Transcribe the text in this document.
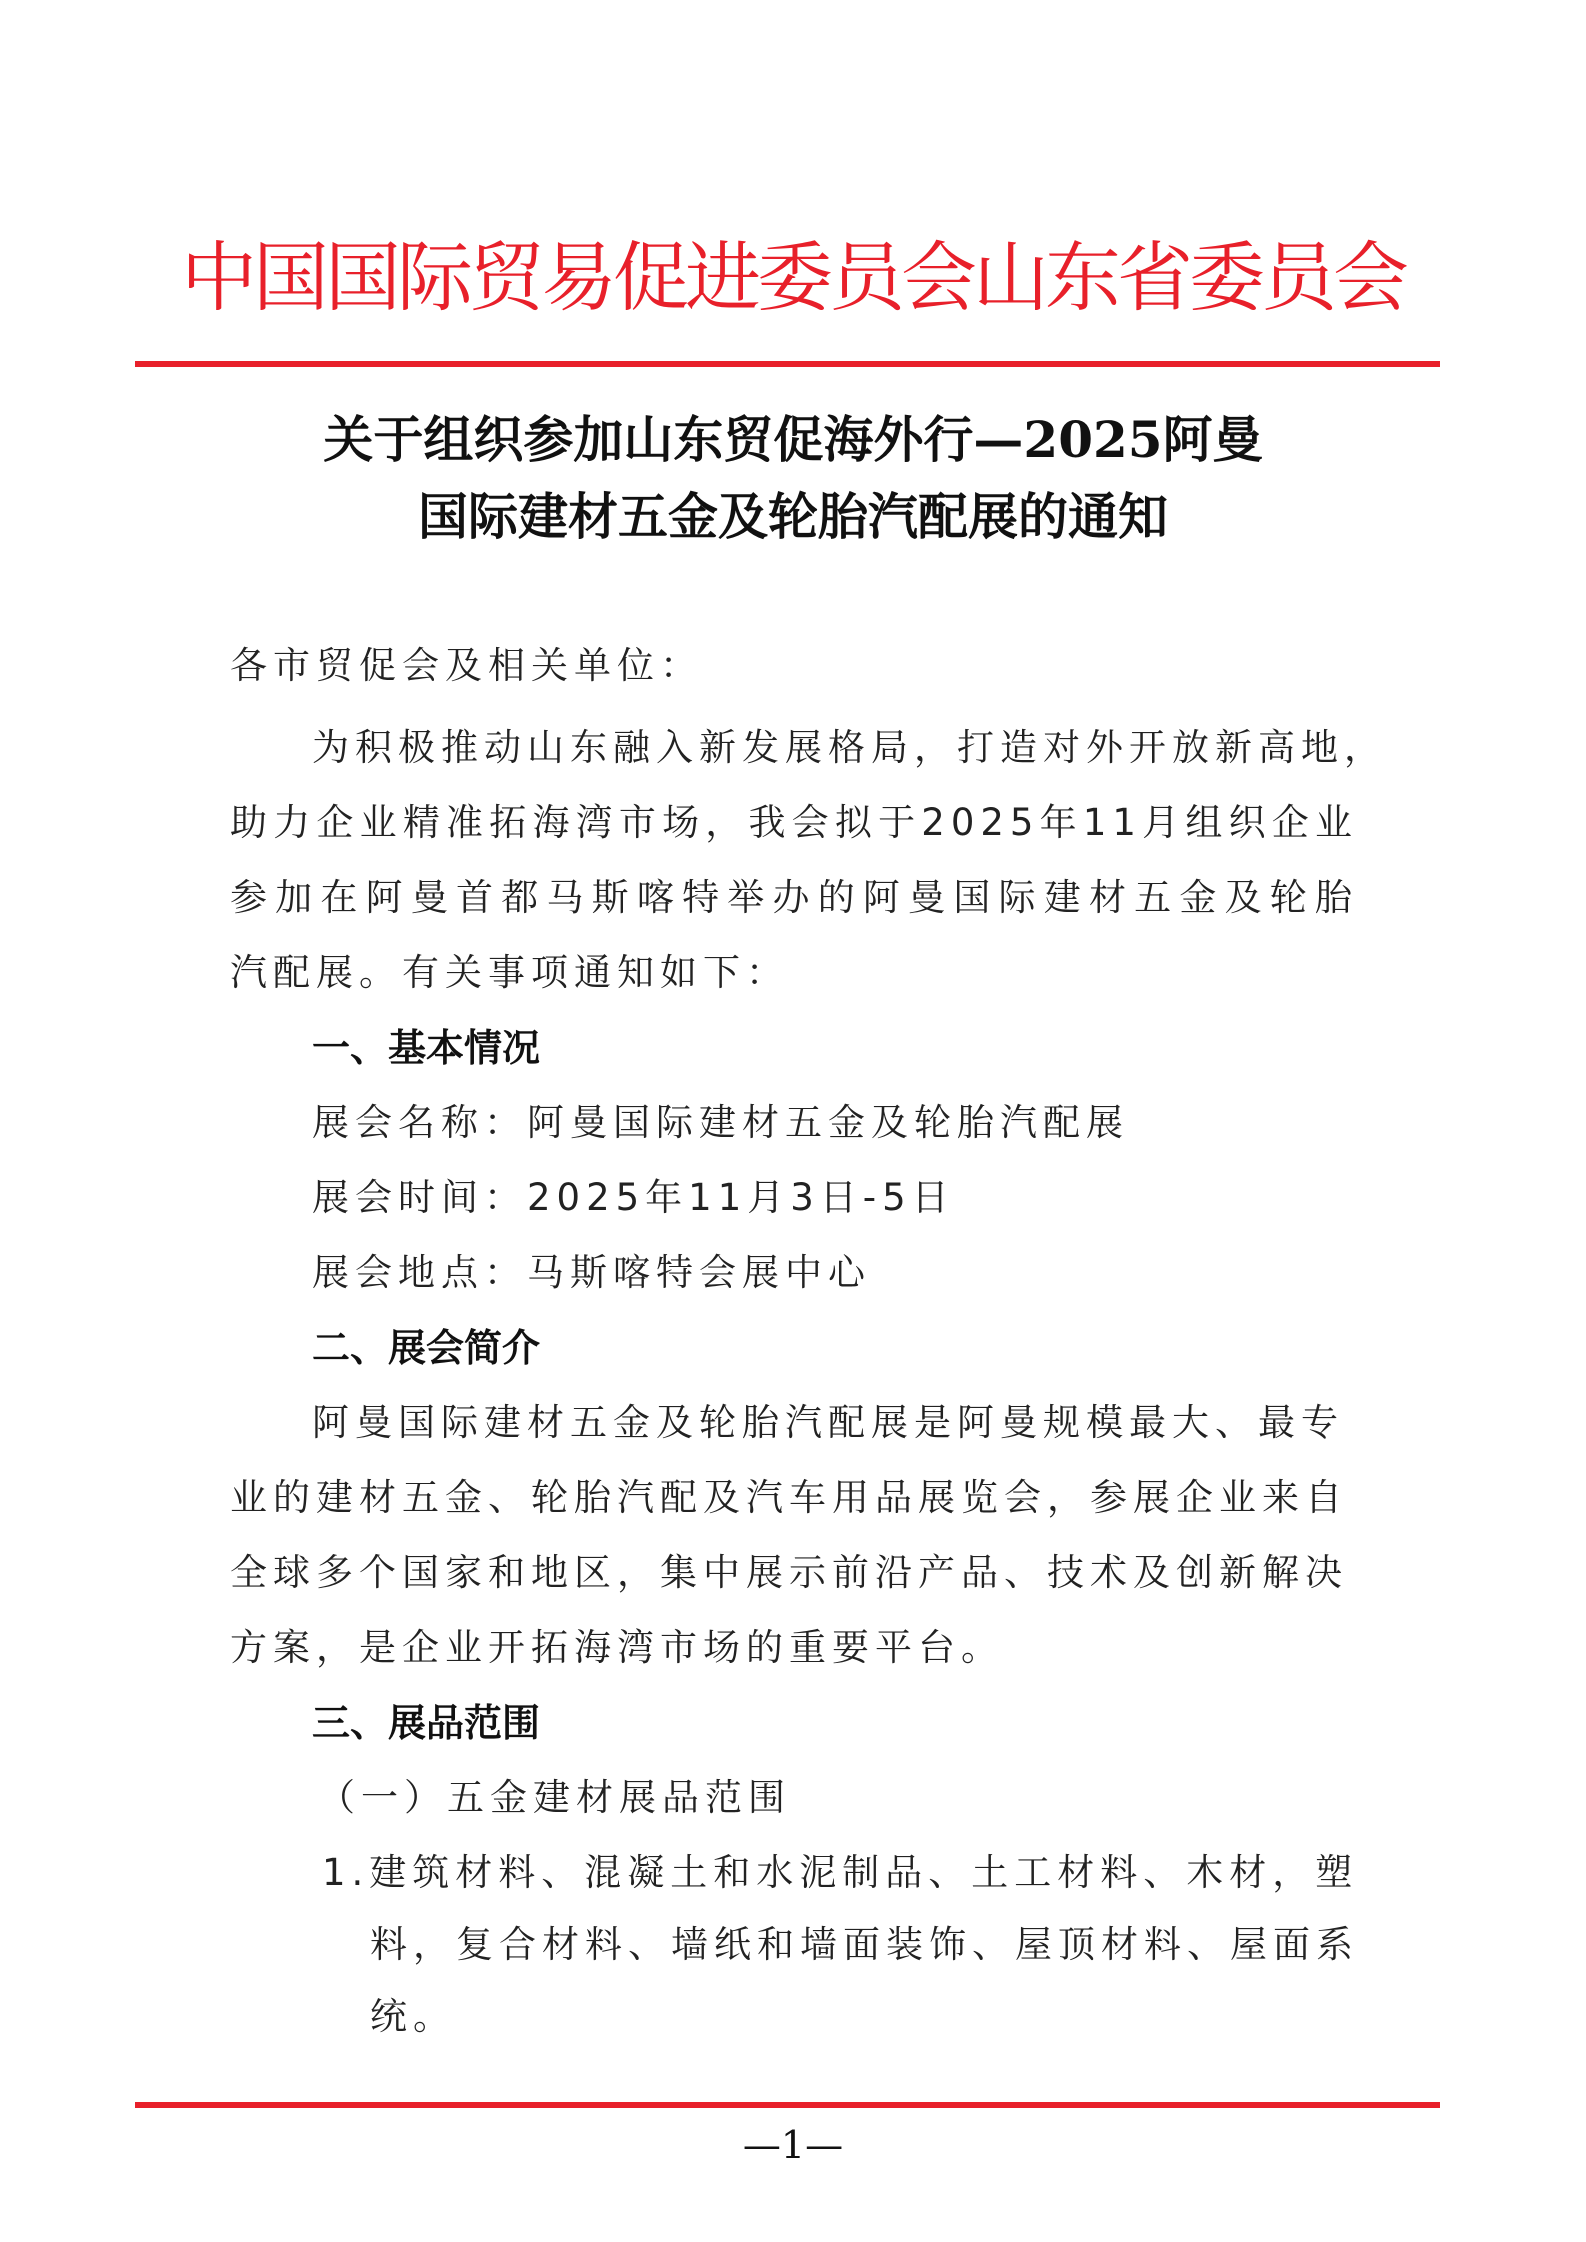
中国国际贸易促进委员会山东省委员会
关于组织参加山东贸促海外行—2025阿曼
国际建材五金及轮胎汽配展的通知
各市贸促会及相关单位：
为积极推动山东融入新发展格局，打造对外开放新高地，
助力企业精准拓海湾市场，我会拟于2025年11月组织企业
参加在阿曼首都马斯喀特举办的阿曼国际建材五金及轮胎
汽配展。有关事项通知如下：
一、基本情况
展会名称：阿曼国际建材五金及轮胎汽配展
展会时间：2025年11月3日-5日
展会地点：马斯喀特会展中心
二、展会简介
阿曼国际建材五金及轮胎汽配展是阿曼规模最大、最专
业的建材五金、轮胎汽配及汽车用品展览会，参展企业来自
全球多个国家和地区，集中展示前沿产品、技术及创新解决
方案，是企业开拓海湾市场的重要平台。
三、展品范围
（一）五金建材展品范围
1.建筑材料、混凝土和水泥制品、土工材料、木材，塑
料，复合材料、墙纸和墙面装饰、屋顶材料、屋面系
统。
—1—
